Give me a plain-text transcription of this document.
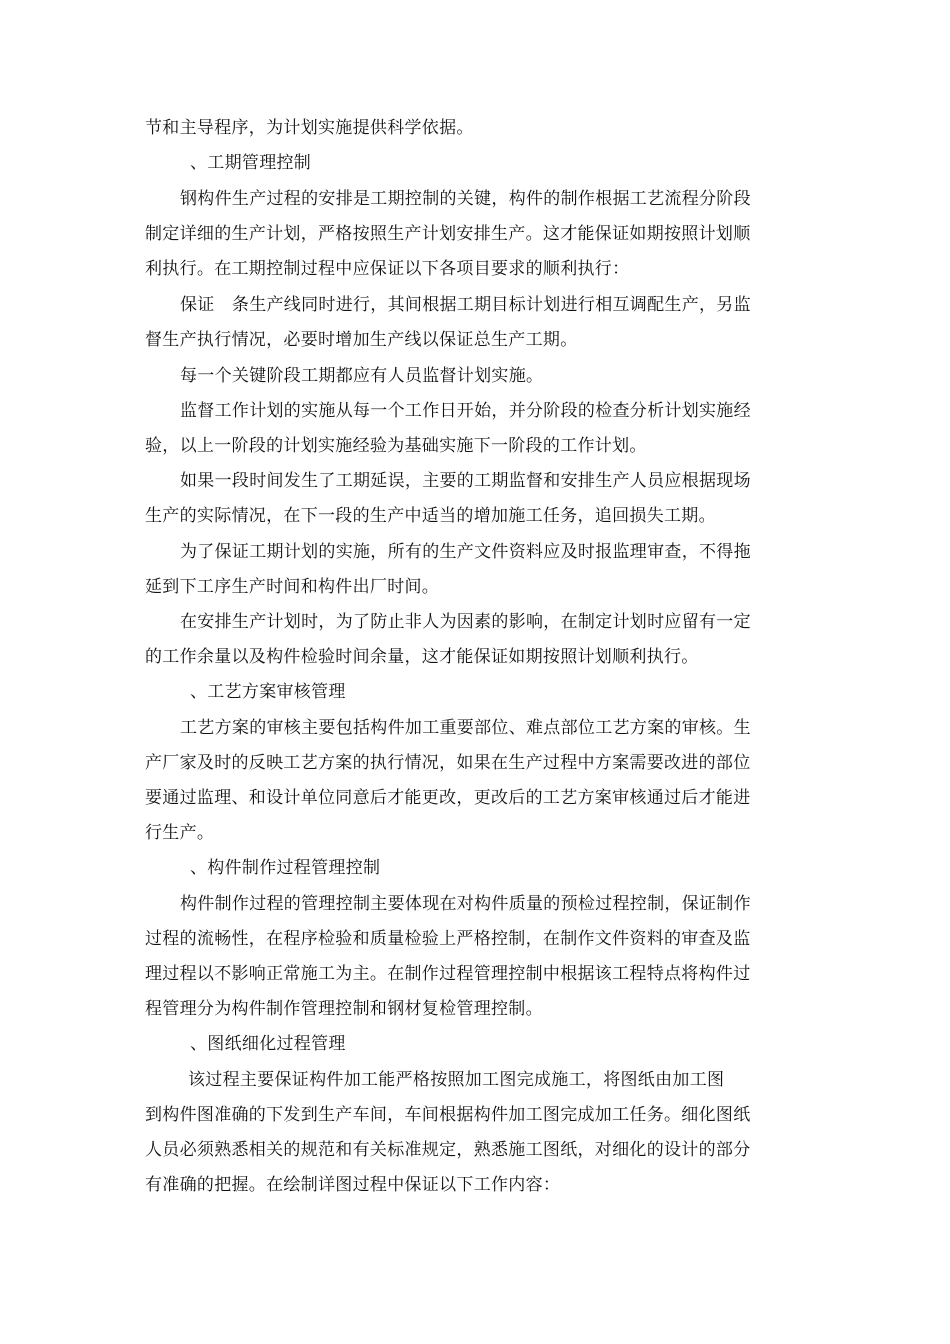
节和主导程序，为计划实施提供科学依据。
、工期管理控制
钢构件生产过程的安排是工期控制的关键，构件的制作根据工艺流程分阶段
制定详细的生产计划，严格按照生产计划安排生产。这才能保证如期按照计划顺
利执行。在工期控制过程中应保证以下各项目要求的顺利执行：
保证　条生产线同时进行，其间根据工期目标计划进行相互调配生产，另监
督生产执行情况，必要时增加生产线以保证总生产工期。
每一个关键阶段工期都应有人员监督计划实施。
监督工作计划的实施从每一个工作日开始，并分阶段的检查分析计划实施经
验，以上一阶段的计划实施经验为基础实施下一阶段的工作计划。
如果一段时间发生了工期延误，主要的工期监督和安排生产人员应根据现场
生产的实际情况，在下一段的生产中适当的增加施工任务，追回损失工期。
为了保证工期计划的实施，所有的生产文件资料应及时报监理审查，不得拖
延到下工序生产时间和构件出厂时间。
在安排生产计划时，为了防止非人为因素的影响，在制定计划时应留有一定
的工作余量以及构件检验时间余量，这才能保证如期按照计划顺利执行。
、工艺方案审核管理
工艺方案的审核主要包括构件加工重要部位、难点部位工艺方案的审核。生
产厂家及时的反映工艺方案的执行情况，如果在生产过程中方案需要改进的部位
要通过监理、和设计单位同意后才能更改，更改后的工艺方案审核通过后才能进
行生产。
、构件制作过程管理控制
构件制作过程的管理控制主要体现在对构件质量的预检过程控制，保证制作
过程的流畅性，在程序检验和质量检验上严格控制，在制作文件资料的审查及监
理过程以不影响正常施工为主。在制作过程管理控制中根据该工程特点将构件过
程管理分为构件制作管理控制和钢材复检管理控制。
、图纸细化过程管理
该过程主要保证构件加工能严格按照加工图完成施工，将图纸由加工图
到构件图准确的下发到生产车间，车间根据构件加工图完成加工任务。细化图纸
人员必须熟悉相关的规范和有关标准规定，熟悉施工图纸，对细化的设计的部分
有准确的把握。在绘制详图过程中保证以下工作内容：
